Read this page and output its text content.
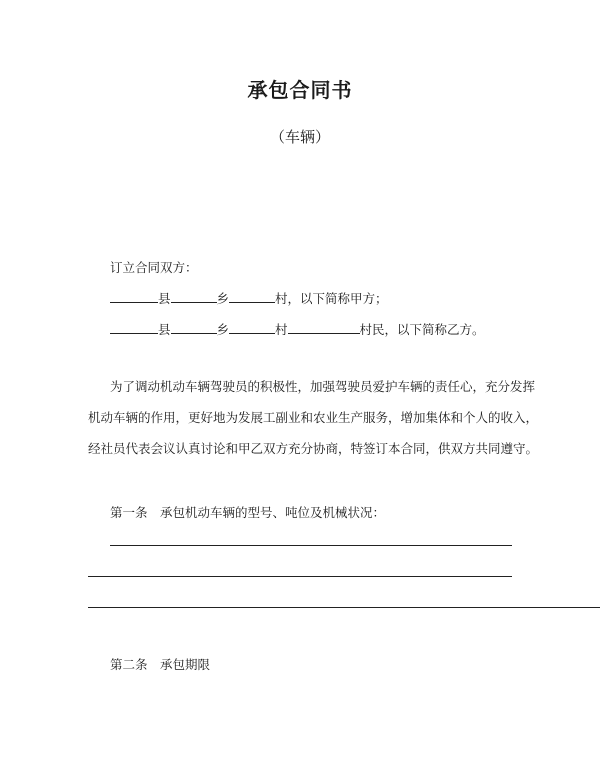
承包合同书
（车辆）
订立合同双方：
县	乡	村，以下简称甲方；
县	乡	村	村民，以下简称乙方。
为了调动机动车辆驾驶员的积极性，加强驾驶员爱护车辆的责任心，充分发挥
机动车辆的作用，更好地为发展工副业和农业生产服务，增加集体和个人的收入，
经社员代表会议认真讨论和甲乙双方充分协商，特签订本合同，供双方共同遵守。
第一条　承包机动车辆的型号、吨位及机械状况：
第二条　承包期限
